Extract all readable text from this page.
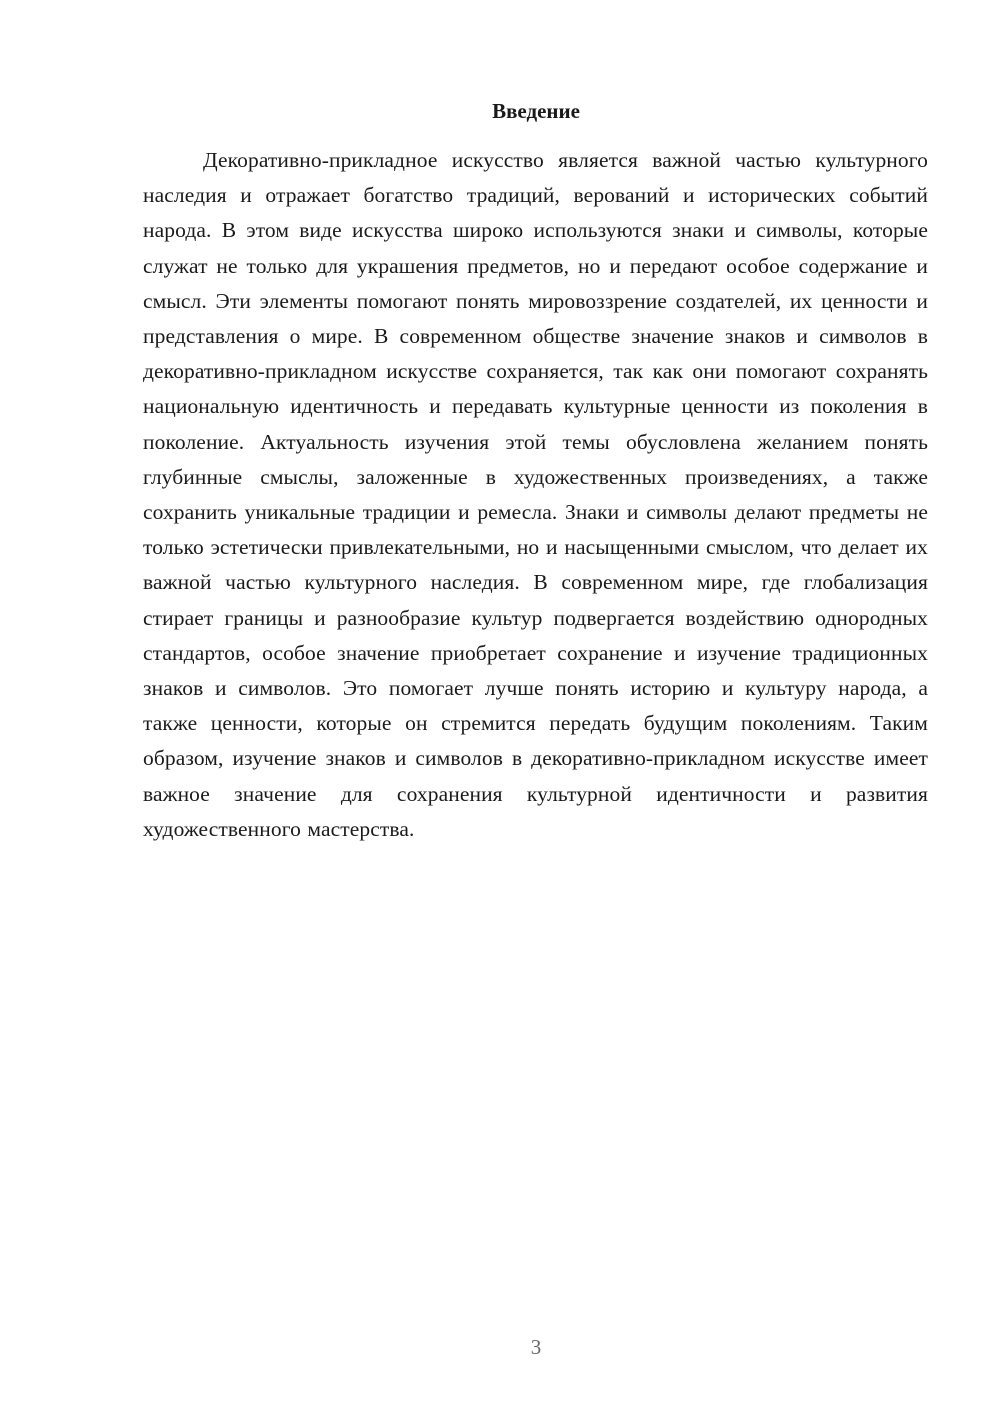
Введение

Декоративно-прикладное искусство является важной частью культурного наследия и отражает богатство традиций, верований и исторических событий народа. В этом виде искусства широко используются знаки и символы, которые служат не только для украшения предметов, но и передают особое содержание и смысл. Эти элементы помогают понять мировоззрение создателей, их ценности и представления о мире. В современном обществе значение знаков и символов в декоративно-прикладном искусстве сохраняется, так как они помогают сохранять национальную идентичность и передавать культурные ценности из поколения в поколение. Актуальность изучения этой темы обусловлена желанием понять глубинные смыслы, заложенные в художественных произведениях, а также сохранить уникальные традиции и ремесла. Знаки и символы делают предметы не только эстетически привлекательными, но и насыщенными смыслом, что делает их важной частью культурного наследия. В современном мире, где глобализация стирает границы и разнообразие культур подвергается воздействию однородных стандартов, особое значение приобретает сохранение и изучение традиционных знаков и символов. Это помогает лучше понять историю и культуру народа, а также ценности, которые он стремится передать будущим поколениям. Таким образом, изучение знаков и символов в декоративно-прикладном искусстве имеет важное значение для сохранения культурной идентичности и развития художественного мастерства.

3
